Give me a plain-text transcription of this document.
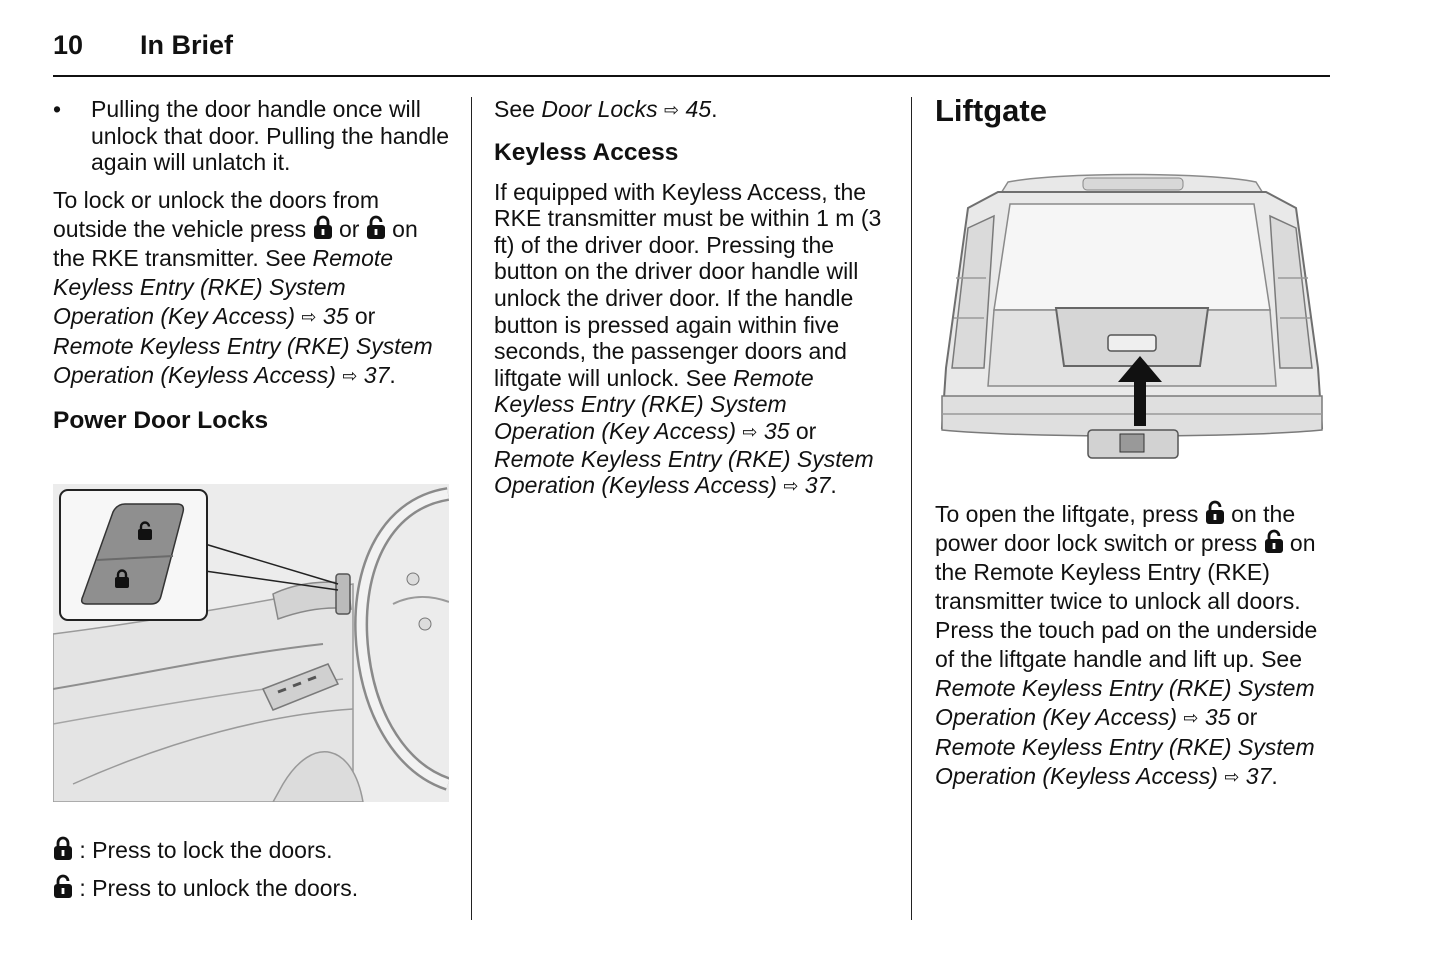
10 In Brief
•	Pulling the door handle once will unlock that door. Pulling the handle again will unlatch it.

To lock or unlock the doors from outside the vehicle press or on the RKE transmitter. See Remote Keyless Entry (RKE) System Operation (Key Access) ⇨ 35 or Remote Keyless Entry (RKE) System Operation (Keyless Access) ⇨ 37.

Power Door Locks

: Press to lock the doors.

: Press to unlock the doors.

See Door Locks ⇨ 45.

Keyless Access

If equipped with Keyless Access, the RKE transmitter must be within 1 m (3 ft) of the driver door. Pressing the button on the driver door handle will unlock the driver door. If the handle button is pressed again within five seconds, the passenger doors and liftgate will unlock. See Remote Keyless Entry (RKE) System Operation (Key Access) ⇨ 35 or Remote Keyless Entry (RKE) System Operation (Keyless Access) ⇨ 37.

Liftgate

To open the liftgate, press on the power door lock switch or press on the Remote Keyless Entry (RKE) transmitter twice to unlock all doors. Press the touch pad on the underside of the liftgate handle and lift up. See Remote Keyless Entry (RKE) System Operation (Key Access) ⇨ 35 or Remote Keyless Entry (RKE) System Operation (Keyless Access) ⇨ 37.
